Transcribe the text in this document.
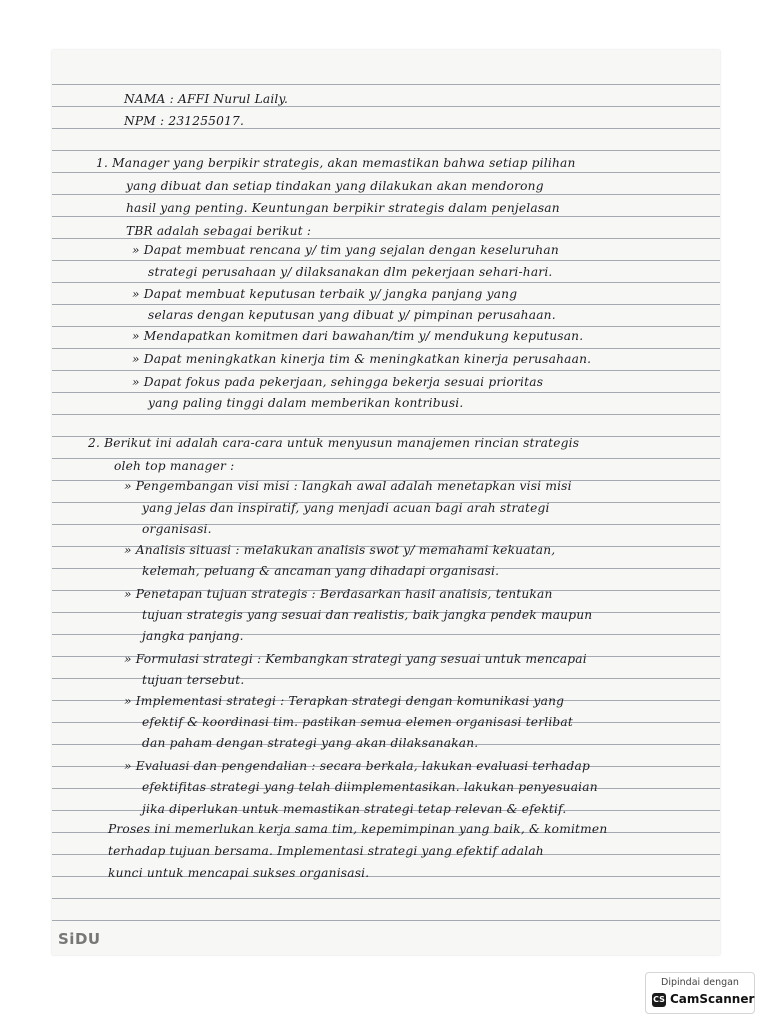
NAMA : AFFI Nurul Laily.
NPM : 231255017.
1. Manager yang berpikir strategis, akan memastikan bahwa setiap pilihan
yang dibuat dan setiap tindakan yang dilakukan akan mendorong
hasil yang penting. Keuntungan berpikir strategis dalam penjelasan
TBR adalah sebagai berikut :
» Dapat membuat rencana y/ tim yang sejalan dengan keseluruhan
strategi perusahaan y/ dilaksanakan dlm pekerjaan sehari-hari.
» Dapat membuat keputusan terbaik y/ jangka panjang yang
selaras dengan keputusan yang dibuat y/ pimpinan perusahaan.
» Mendapatkan komitmen dari bawahan/tim y/ mendukung keputusan.
» Dapat meningkatkan kinerja tim & meningkatkan kinerja perusahaan.
» Dapat fokus pada pekerjaan, sehingga bekerja sesuai prioritas
yang paling tinggi dalam memberikan kontribusi.
2. Berikut ini adalah cara-cara untuk menyusun manajemen rincian strategis
oleh top manager :
» Pengembangan visi misi : langkah awal adalah menetapkan visi misi
yang jelas dan inspiratif, yang menjadi acuan bagi arah strategi
organisasi.
» Analisis situasi : melakukan analisis swot y/ memahami kekuatan,
kelemah, peluang & ancaman yang dihadapi organisasi.
» Penetapan tujuan strategis : Berdasarkan hasil analisis, tentukan
tujuan strategis yang sesuai dan realistis, baik jangka pendek maupun
jangka panjang.
» Formulasi strategi : Kembangkan strategi yang sesuai untuk mencapai
tujuan tersebut.
» Implementasi strategi : Terapkan strategi dengan komunikasi yang
efektif & koordinasi tim. pastikan semua elemen organisasi terlibat
dan paham dengan strategi yang akan dilaksanakan.
» Evaluasi dan pengendalian : secara berkala, lakukan evaluasi terhadap
efektifitas strategi yang telah diimplementasikan. lakukan penyesuaian
jika diperlukan untuk memastikan strategi tetap relevan & efektif.
Proses ini memerlukan kerja sama tim, kepemimpinan yang baik, & komitmen
terhadap tujuan bersama. Implementasi strategi yang efektif adalah
kunci untuk mencapai sukses organisasi.
SiDU
Dipindai dengan
CS CamScanner
